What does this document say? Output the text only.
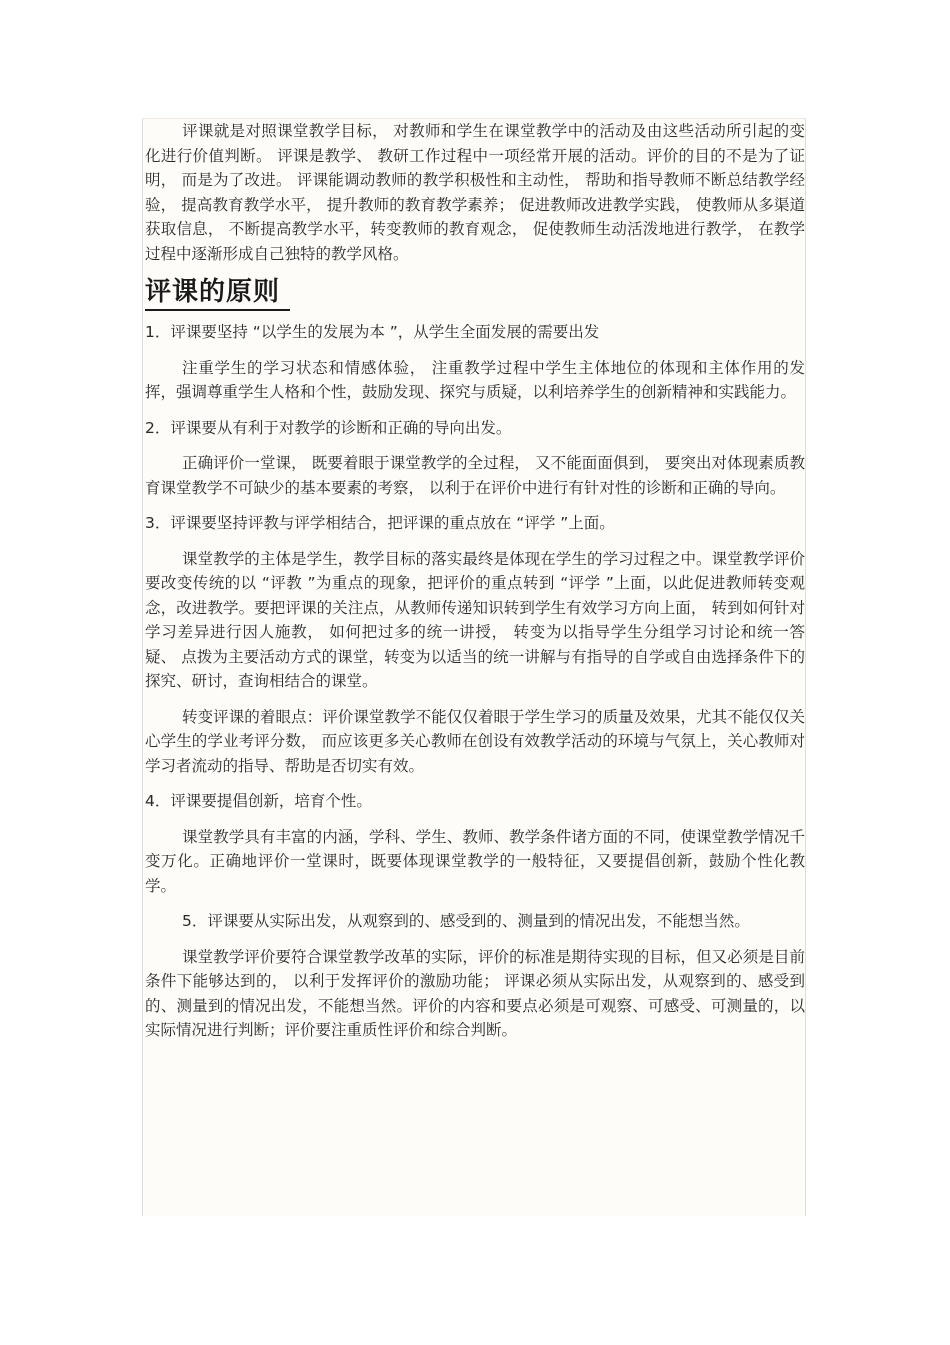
评课就是对照课堂教学目标， 对教师和学生在课堂教学中的活动及由这些活动所引起的变化进行价值判断。 评课是教学、 教研工作过程中一项经常开展的活动。评价的目的不是为了证明， 而是为了改进。 评课能调动教师的教学积极性和主动性， 帮助和指导教师不断总结教学经验， 提高教育教学水平， 提升教师的教育教学素养； 促进教师改进教学实践， 使教师从多渠道获取信息， 不断提高教学水平，转变教师的教育观念， 促使教师生动活泼地进行教学， 在教学过程中逐渐形成自己独特的教学风格。

评课的原则

1．评课要坚持 “以学生的发展为本 ”，从学生全面发展的需要出发

注重学生的学习状态和情感体验， 注重教学过程中学生主体地位的体现和主体作用的发挥，强调尊重学生人格和个性，鼓励发现、探究与质疑，以利培养学生的创新精神和实践能力。

2．评课要从有利于对教学的诊断和正确的导向出发。

正确评价一堂课， 既要着眼于课堂教学的全过程， 又不能面面俱到， 要突出对体现素质教育课堂教学不可缺少的基本要素的考察， 以利于在评价中进行有针对性的诊断和正确的导向。

3．评课要坚持评教与评学相结合，把评课的重点放在 “评学 ”上面。

课堂教学的主体是学生，教学目标的落实最终是体现在学生的学习过程之中。课堂教学评价要改变传统的以 “评教 ”为重点的现象，把评价的重点转到 “评学 ”上面，以此促进教师转变观念，改进教学。要把评课的关注点，从教师传递知识转到学生有效学习方向上面， 转到如何针对学习差异进行因人施教， 如何把过多的统一讲授， 转变为以指导学生分组学习讨论和统一答疑、 点拨为主要活动方式的课堂，转变为以适当的统一讲解与有指导的自学或自由选择条件下的探究、研讨，查询相结合的课堂。

转变评课的着眼点：评价课堂教学不能仅仅着眼于学生学习的质量及效果，尤其不能仅仅关心学生的学业考评分数， 而应该更多关心教师在创设有效教学活动的环境与气氛上，关心教师对学习者流动的指导、帮助是否切实有效。

4．评课要提倡创新，培育个性。

课堂教学具有丰富的内涵，学科、学生、教师、教学条件诸方面的不同，使课堂教学情况千变万化。正确地评价一堂课时，既要体现课堂教学的一般特征，又要提倡创新，鼓励个性化教学。

5．评课要从实际出发，从观察到的、感受到的、测量到的情况出发，不能想当然。

课堂教学评价要符合课堂教学改革的实际，评价的标准是期待实现的目标，但又必须是目前条件下能够达到的， 以利于发挥评价的激励功能； 评课必须从实际出发，从观察到的、感受到的、测量到的情况出发，不能想当然。评价的内容和要点必须是可观察、可感受、可测量的，以实际情况进行判断；评价要注重质性评价和综合判断。
